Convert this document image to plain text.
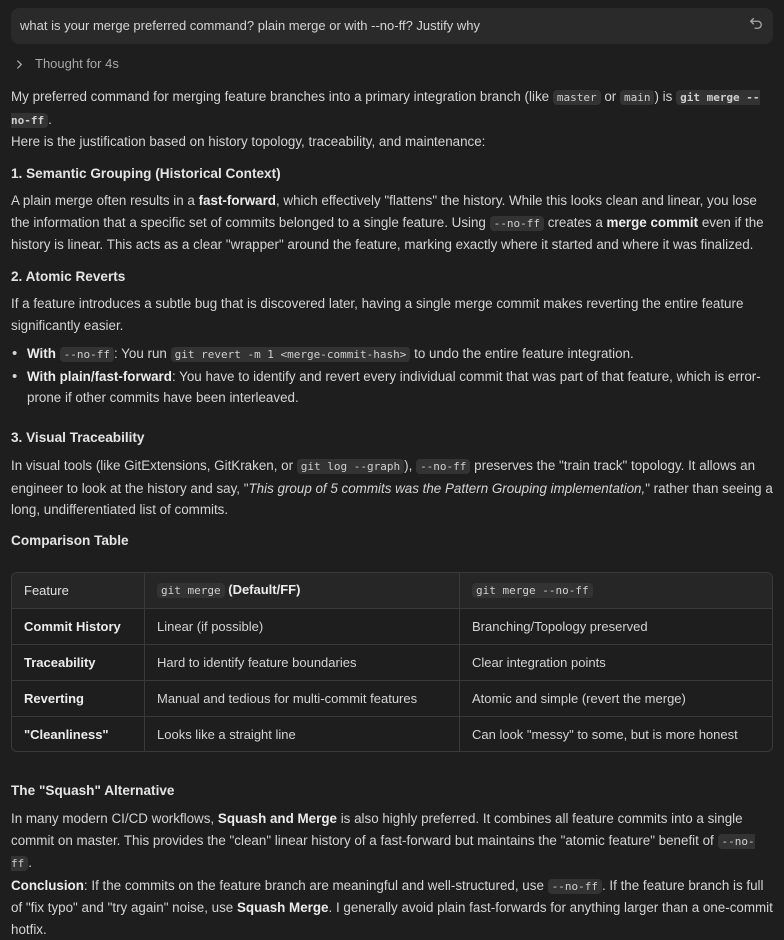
what is your merge preferred command? plain merge or with --no-ff? Justify why
Thought for 4s

My preferred command for merging feature branches into a primary integration branch (like master or main ) is git merge --no-ff .
Here is the justification based on history topology, traceability, and maintenance:

1. Semantic Grouping (Historical Context)

A plain merge often results in a fast-forward, which effectively "flattens" the history. While this looks clean and linear, you lose the information that a specific set of commits belonged to a single feature. Using --no-ff creates a merge commit even if the history is linear. This acts as a clear "wrapper" around the feature, marking exactly where it started and where it was finalized.

2. Atomic Reverts

If a feature introduces a subtle bug that is discovered later, having a single merge commit makes reverting the entire feature significantly easier.

• With --no-ff : You run git revert -m 1 <merge-commit-hash> to undo the entire feature integration.
• With plain/fast-forward: You have to identify and revert every individual commit that was part of that feature, which is error-prone if other commits have been interleaved.
3. Visual Traceability

In visual tools (like GitExtensions, GitKraken, or git log --graph ), --no-ff preserves the "train track" topology. It allows an engineer to look at the history and say, "This group of 5 commits was the Pattern Grouping implementation," rather than seeing a long, undifferentiated list of commits.

Comparison Table
Feature	git merge (Default/FF)	git merge --no-ff
Commit History	Linear (if possible)	Branching/Topology preserved
Traceability	Hard to identify feature boundaries	Clear integration points
Reverting	Manual and tedious for multi-commit features	Atomic and simple (revert the merge)
"Cleanliness"	Looks like a straight line	Can look "messy" to some, but is more honest
The "Squash" Alternative

In many modern CI/CD workflows, Squash and Merge is also highly preferred. It combines all feature commits into a single commit on master. This provides the "clean" linear history of a fast-forward but maintains the "atomic feature" benefit of --no-ff .
Conclusion: If the commits on the feature branch are meaningful and well-structured, use --no-ff . If the feature branch is full of "fix typo" and "try again" noise, use Squash Merge. I generally avoid plain fast-forwards for anything larger than a one-commit hotfix.
